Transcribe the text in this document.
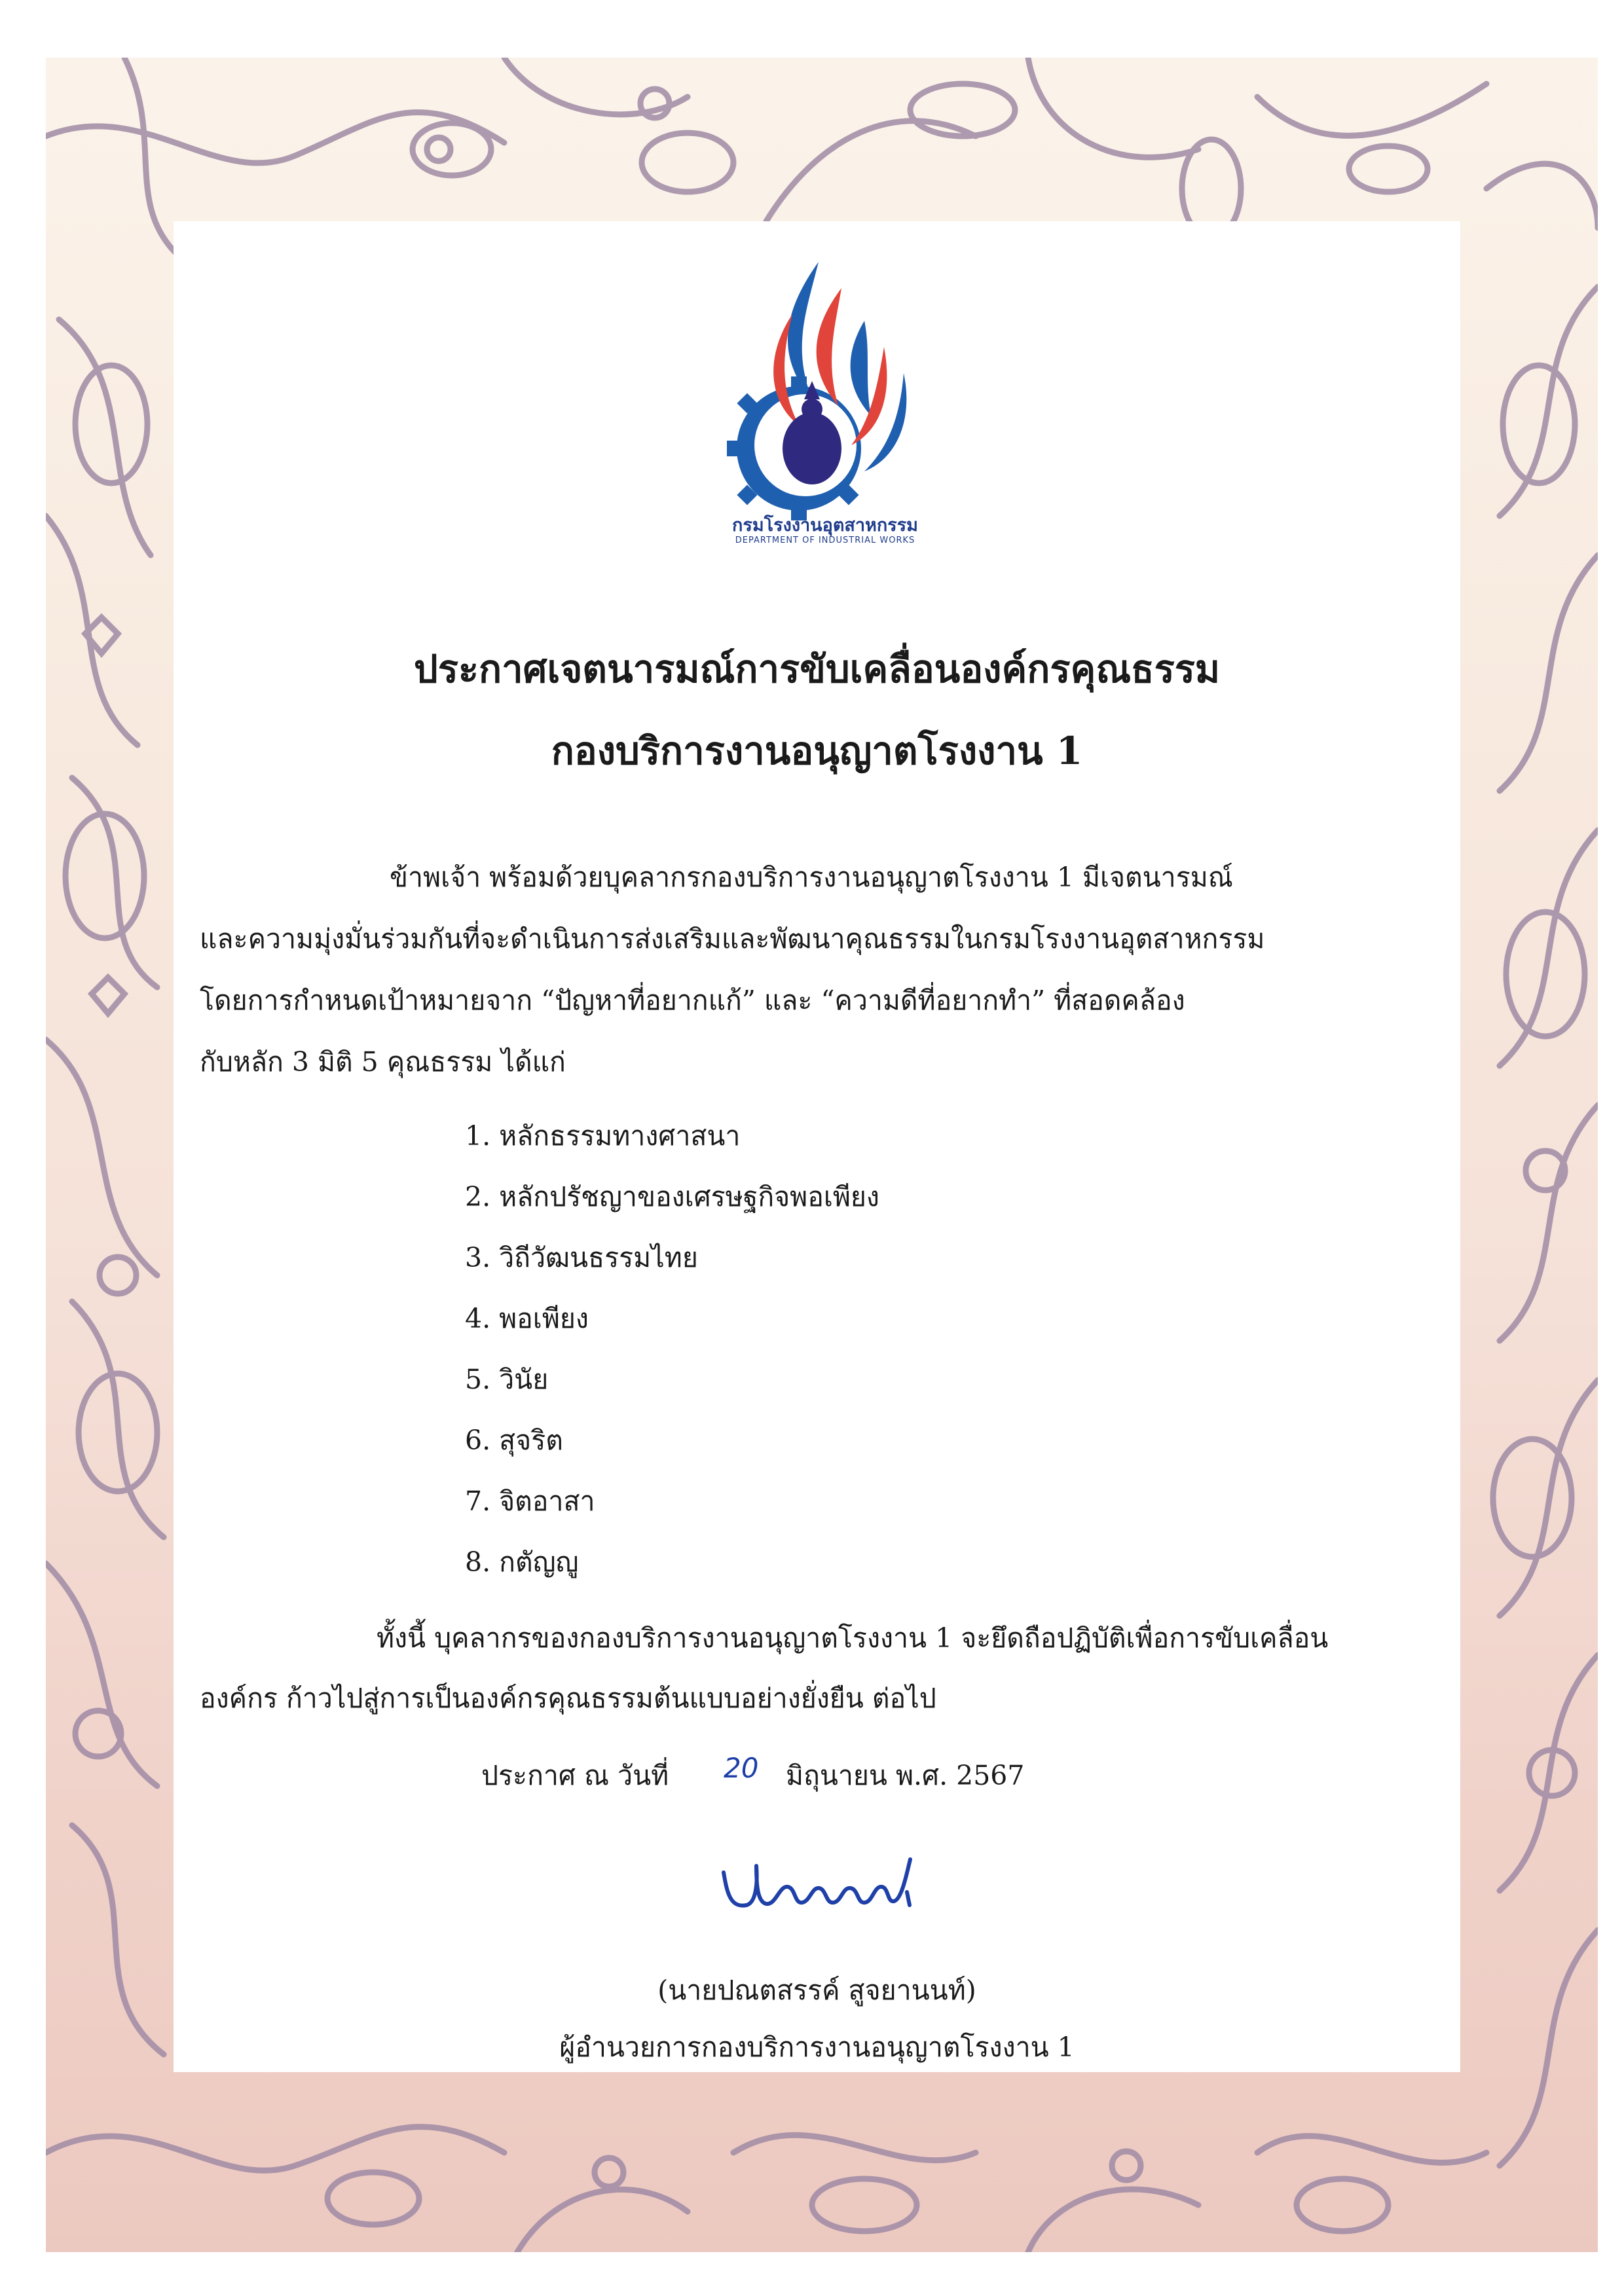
กรมโรงงานอุตสาหกรรม
DEPARTMENT OF INDUSTRIAL WORKS
ประกาศเจตนารมณ์การขับเคลื่อนองค์กรคุณธรรม
กองบริการงานอนุญาตโรงงาน 1
ข้าพเจ้า พร้อมด้วยบุคลากรกองบริการงานอนุญาตโรงงาน 1 มีเจตนารมณ์
และความมุ่งมั่นร่วมกันที่จะดำเนินการส่งเสริมและพัฒนาคุณธรรมในกรมโรงงานอุตสาหกรรม
โดยการกำหนดเป้าหมายจาก “ปัญหาที่อยากแก้” และ “ความดีที่อยากทำ” ที่สอดคล้อง
กับหลัก 3 มิติ 5 คุณธรรม ได้แก่
1. หลักธรรมทางศาสนา
2. หลักปรัชญาของเศรษฐกิจพอเพียง
3. วิถีวัฒนธรรมไทย
4. พอเพียง
5. วินัย
6. สุจริต
7. จิตอาสา
8. กตัญญู
ทั้งนี้ บุคลากรของกองบริการงานอนุญาตโรงงาน 1 จะยึดถือปฏิบัติเพื่อการขับเคลื่อน
องค์กร ก้าวไปสู่การเป็นองค์กรคุณธรรมต้นแบบอย่างยั่งยืน ต่อไป
ประกาศ ณ วันที่ 20 มิถุนายน พ.ศ. 2567
(นายปณตสรรค์ สูจยานนท์)
ผู้อำนวยการกองบริการงานอนุญาตโรงงาน 1
